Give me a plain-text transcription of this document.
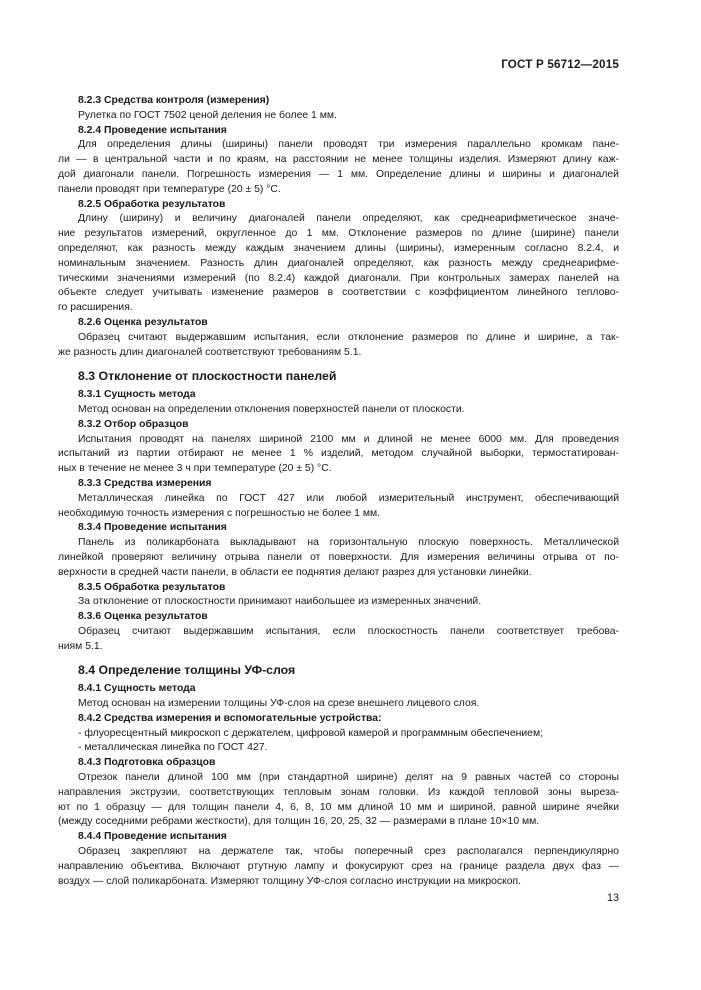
ГОСТ Р 56712—2015
8.2.3 Средства контроля (измерения)
Рулетка по ГОСТ 7502 ценой деления не более 1 мм.
8.2.4 Проведение испытания
Для определения длины (ширины) панели проводят три измерения параллельно кромкам пане-
ли — в центральной части и по краям, на расстоянии не менее толщины изделия. Измеряют длину каж-
дой диагонали панели. Погрешность измерения — 1 мм. Определение длины и ширины и диагоналей
панели проводят при температуре (20 ± 5) °С.
8.2.5 Обработка результатов
Длину (ширину) и величину диагоналей панели определяют, как среднеарифметическое значе-
ние результатов измерений, округленное до 1 мм. Отклонение размеров по длине (ширине) панели
определяют, как разность между каждым значением длины (ширины), измеренным согласно 8.2.4, и
номинальным значением. Разность длин диагоналей определяют, как разность между среднеарифме-
тическими значениями измерений (по 8.2.4) каждой диагонали. При контрольных замерах панелей на
объекте следует учитывать изменение размеров в соответствии с коэффициентом линейного теплово-
го расширения.
8.2.6 Оценка результатов
Образец считают выдержавшим испытания, если отклонение размеров по длине и ширине, а так-
же разность длин диагоналей соответствуют требованиям 5.1.
8.3 Отклонение от плоскостности панелей
8.3.1 Сущность метода
Метод основан на определении отклонения поверхностей панели от плоскости.
8.3.2 Отбор образцов
Испытания проводят на панелях шириной 2100 мм и длиной не менее 6000 мм. Для проведения
испытаний из партии отбирают не менее 1 % изделий, методом случайной выборки, термостатирован-
ных в течение не менее 3 ч при температуре (20 ± 5) °С.
8.3.3 Средства измерения
Металлическая линейка по ГОСТ 427 или любой измерительный инструмент, обеспечивающий
необходимую точность измерения с погрешностью не более 1 мм.
8.3.4 Проведение испытания
Панель из поликарбоната выкладывают на горизонтальную плоскую поверхность. Металлической
линейкой проверяют величину отрыва панели от поверхности. Для измерения величины отрыва от по-
верхности в средней части панели, в области ее поднятия делают разрез для установки линейки.
8.3.5 Обработка результатов
За отклонение от плоскостности принимают наибольшее из измеренных значений.
8.3.6 Оценка результатов
Образец считают выдержавшим испытания, если плоскостность панели соответствует требова-
ниям 5.1.
8.4 Определение толщины УФ-слоя
8.4.1 Сущность метода
Метод основан на измерении толщины УФ-слоя на срезе внешнего лицевого слоя.
8.4.2 Средства измерения и вспомогательные устройства:
- флуоресцентный микроскоп с держателем, цифровой камерой и программным обеспечением;
- металлическая линейка по ГОСТ 427.
8.4.3 Подготовка образцов
Отрезок панели длиной 100 мм (при стандартной ширине) делят на 9 равных частей со стороны
направления экструзии, соответствующих тепловым зонам головки. Из каждой тепловой зоны выреза-
ют по 1 образцу — для толщин панели 4, 6, 8, 10 мм длиной 10 мм и шириной, равной ширине ячейки
(между соседними ребрами жесткости), для толщин 16, 20, 25, 32 — размерами в плане 10×10 мм.
8.4.4 Проведение испытания
Образец закрепляют на держателе так, чтобы поперечный срез располагался перпендикулярно
направлению объектива. Включают ртутную лампу и фокусируют срез на границе раздела двух фаз —
воздух — слой поликарбоната. Измеряют толщину УФ-слоя согласно инструкции на микроскоп.
13
